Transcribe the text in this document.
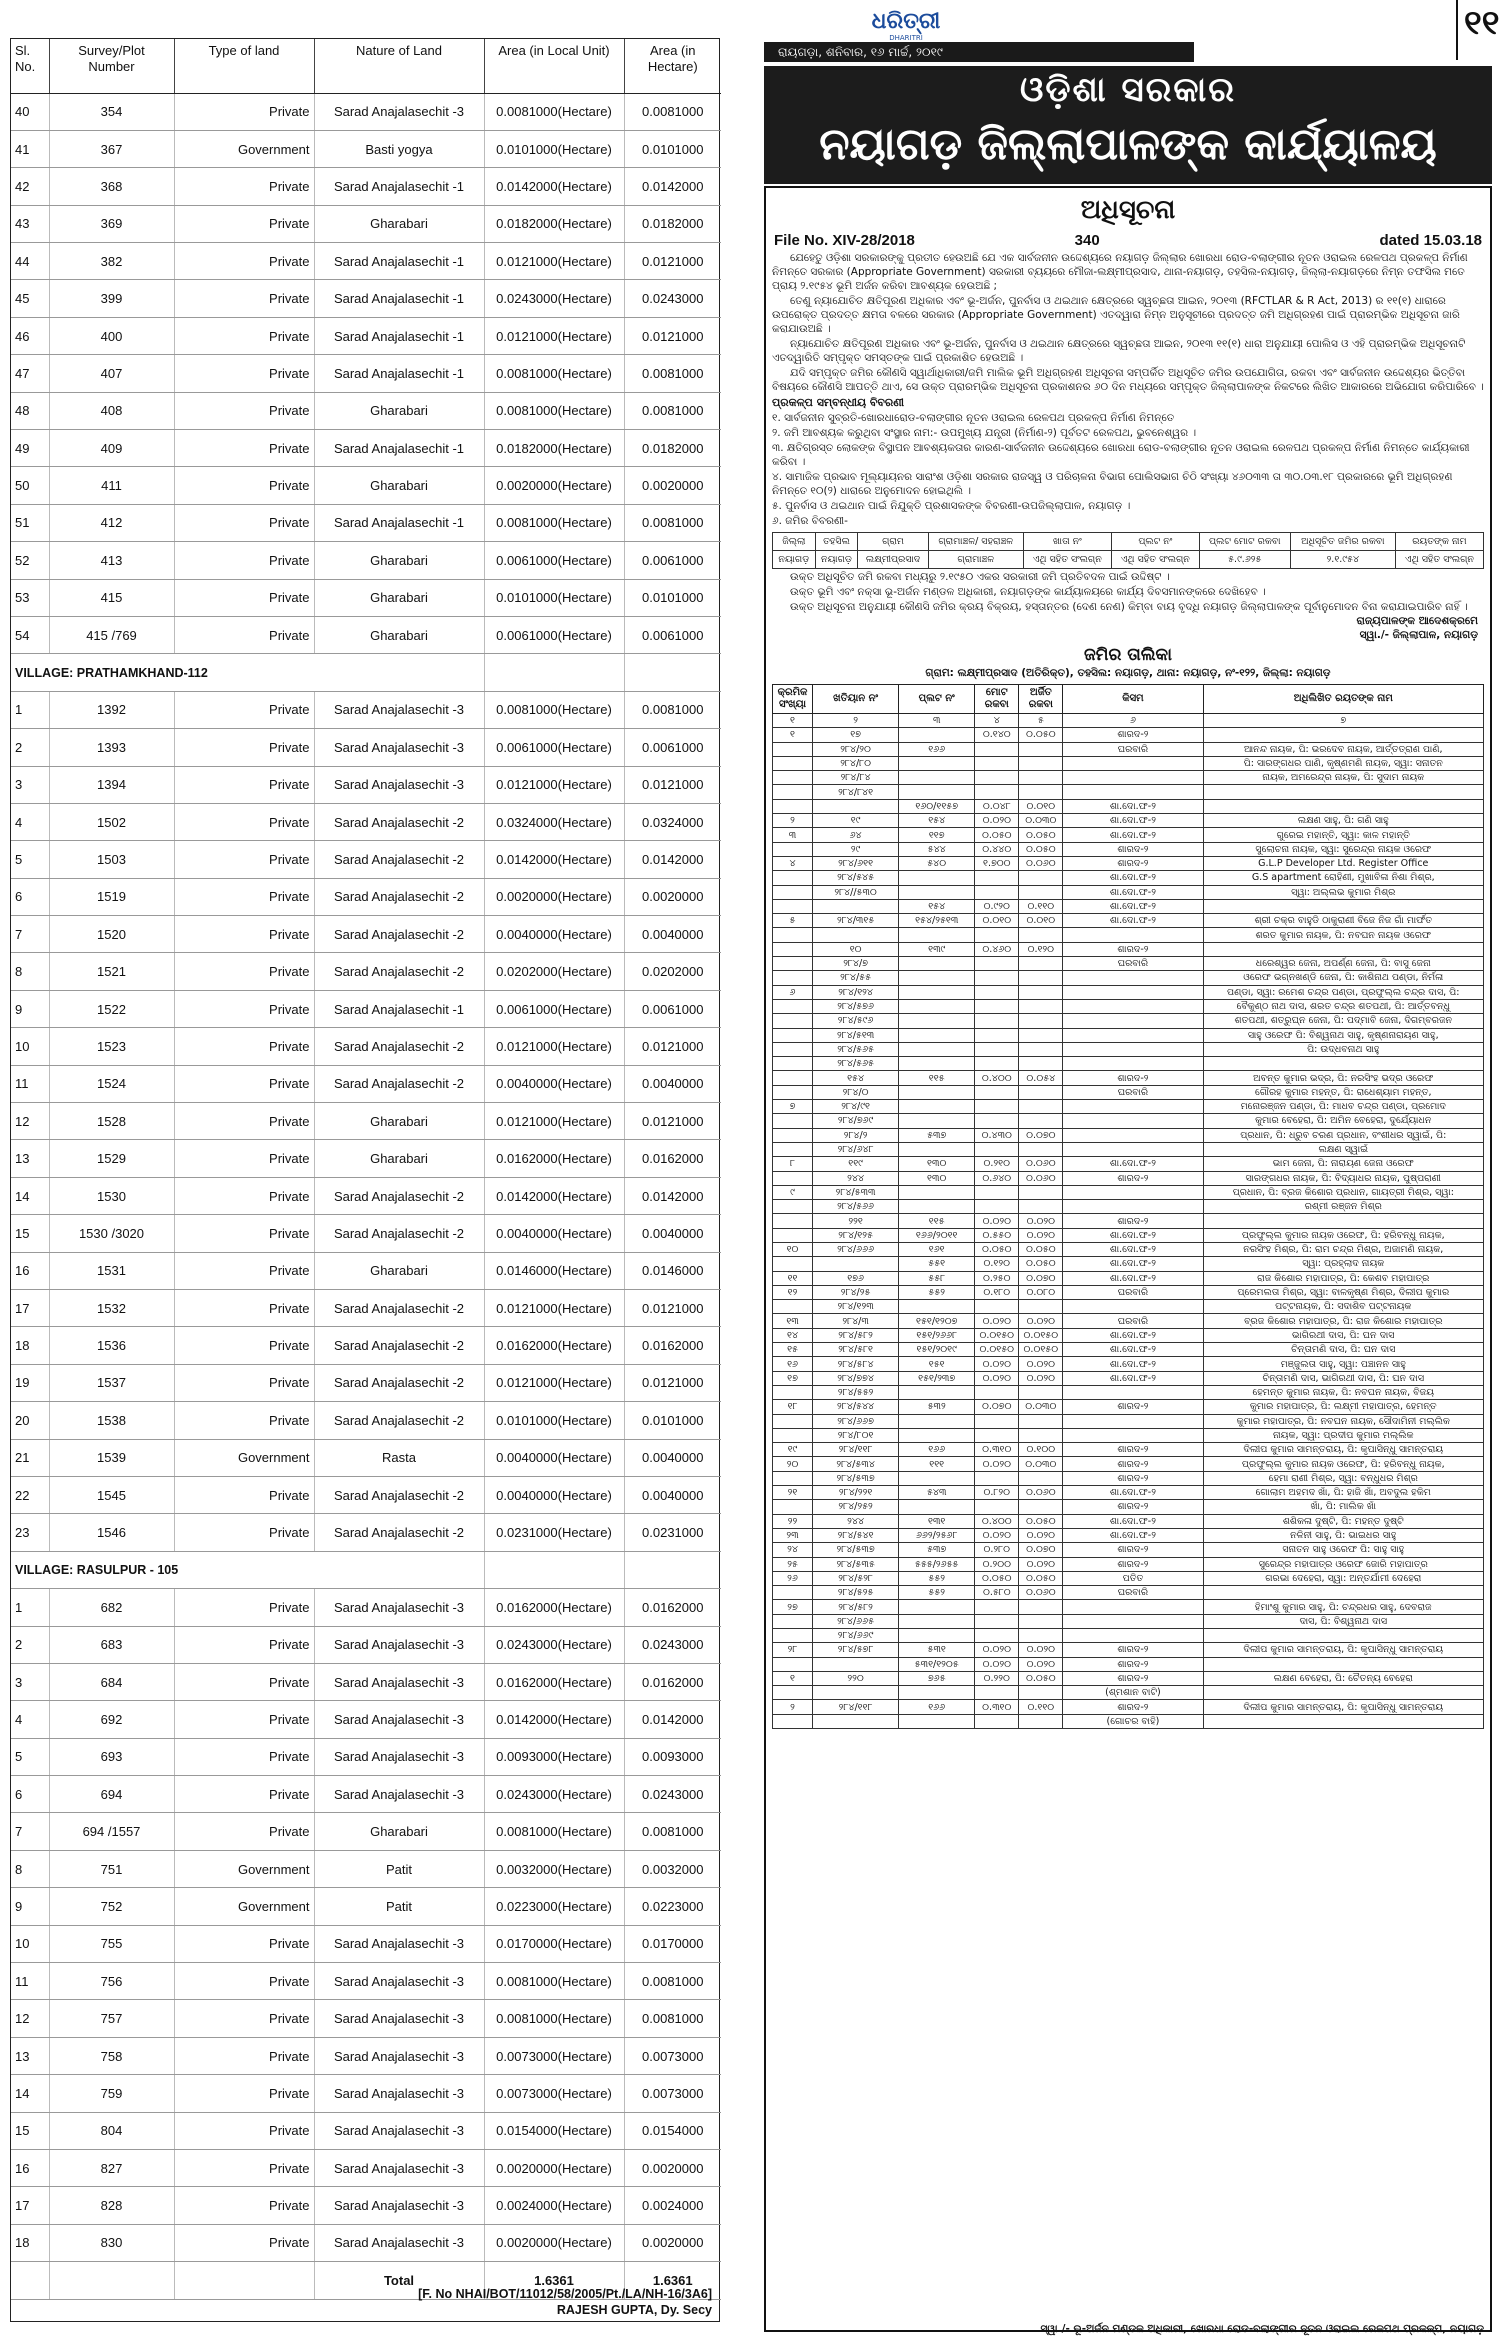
Sl. No.	Survey/Plot Number	Type of land	Nature of Land	Area (in Local Unit)	Area (in Hectare)
40	354	Private	Sarad Anajalasechit -3	0.0081000(Hectare)	0.0081000
41	367	Government	Basti yogya	0.0101000(Hectare)	0.0101000
42	368	Private	Sarad Anajalasechit -1	0.0142000(Hectare)	0.0142000
43	369	Private	Gharabari	0.0182000(Hectare)	0.0182000
44	382	Private	Sarad Anajalasechit -1	0.0121000(Hectare)	0.0121000
45	399	Private	Sarad Anajalasechit -1	0.0243000(Hectare)	0.0243000
46	400	Private	Sarad Anajalasechit -1	0.0121000(Hectare)	0.0121000
47	407	Private	Sarad Anajalasechit -1	0.0081000(Hectare)	0.0081000
48	408	Private	Gharabari	0.0081000(Hectare)	0.0081000
49	409	Private	Sarad Anajalasechit -1	0.0182000(Hectare)	0.0182000
50	411	Private	Gharabari	0.0020000(Hectare)	0.0020000
51	412	Private	Sarad Anajalasechit -1	0.0081000(Hectare)	0.0081000
52	413	Private	Gharabari	0.0061000(Hectare)	0.0061000
53	415	Private	Gharabari	0.0101000(Hectare)	0.0101000
54	415 /769	Private	Gharabari	0.0061000(Hectare)	0.0061000
VILLAGE: PRATHAMKHAND-112					
1	1392	Private	Sarad Anajalasechit -3	0.0081000(Hectare)	0.0081000
2	1393	Private	Sarad Anajalasechit -3	0.0061000(Hectare)	0.0061000
3	1394	Private	Sarad Anajalasechit -3	0.0121000(Hectare)	0.0121000
4	1502	Private	Sarad Anajalasechit -2	0.0324000(Hectare)	0.0324000
5	1503	Private	Sarad Anajalasechit -2	0.0142000(Hectare)	0.0142000
6	1519	Private	Sarad Anajalasechit -2	0.0020000(Hectare)	0.0020000
7	1520	Private	Sarad Anajalasechit -2	0.0040000(Hectare)	0.0040000
8	1521	Private	Sarad Anajalasechit -2	0.0202000(Hectare)	0.0202000
9	1522	Private	Sarad Anajalasechit -1	0.0061000(Hectare)	0.0061000
10	1523	Private	Sarad Anajalasechit -2	0.0121000(Hectare)	0.0121000
11	1524	Private	Sarad Anajalasechit -2	0.0040000(Hectare)	0.0040000
12	1528	Private	Gharabari	0.0121000(Hectare)	0.0121000
13	1529	Private	Gharabari	0.0162000(Hectare)	0.0162000
14	1530	Private	Sarad Anajalasechit -2	0.0142000(Hectare)	0.0142000
15	1530 /3020	Private	Sarad Anajalasechit -2	0.0040000(Hectare)	0.0040000
16	1531	Private	Gharabari	0.0146000(Hectare)	0.0146000
17	1532	Private	Sarad Anajalasechit -2	0.0121000(Hectare)	0.0121000
18	1536	Private	Sarad Anajalasechit -2	0.0162000(Hectare)	0.0162000
19	1537	Private	Sarad Anajalasechit -2	0.0121000(Hectare)	0.0121000
20	1538	Private	Sarad Anajalasechit -2	0.0101000(Hectare)	0.0101000
21	1539	Government	Rasta	0.0040000(Hectare)	0.0040000
22	1545	Private	Sarad Anajalasechit -2	0.0040000(Hectare)	0.0040000
23	1546	Private	Sarad Anajalasechit -2	0.0231000(Hectare)	0.0231000
VILLAGE: RASULPUR - 105					
1	682	Private	Sarad Anajalasechit -3	0.0162000(Hectare)	0.0162000
2	683	Private	Sarad Anajalasechit -3	0.0243000(Hectare)	0.0243000
3	684	Private	Sarad Anajalasechit -3	0.0162000(Hectare)	0.0162000
4	692	Private	Sarad Anajalasechit -3	0.0142000(Hectare)	0.0142000
5	693	Private	Sarad Anajalasechit -3	0.0093000(Hectare)	0.0093000
6	694	Private	Sarad Anajalasechit -3	0.0243000(Hectare)	0.0243000
7	694 /1557	Private	Gharabari	0.0081000(Hectare)	0.0081000
8	751	Government	Patit	0.0032000(Hectare)	0.0032000
9	752	Government	Patit	0.0223000(Hectare)	0.0223000
10	755	Private	Sarad Anajalasechit -3	0.0170000(Hectare)	0.0170000
11	756	Private	Sarad Anajalasechit -3	0.0081000(Hectare)	0.0081000
12	757	Private	Sarad Anajalasechit -3	0.0081000(Hectare)	0.0081000
13	758	Private	Sarad Anajalasechit -3	0.0073000(Hectare)	0.0073000
14	759	Private	Sarad Anajalasechit -3	0.0073000(Hectare)	0.0073000
15	804	Private	Sarad Anajalasechit -3	0.0154000(Hectare)	0.0154000
16	827	Private	Sarad Anajalasechit -3	0.0020000(Hectare)	0.0020000
17	828	Private	Sarad Anajalasechit -3	0.0024000(Hectare)	0.0024000
18	830	Private	Sarad Anajalasechit -3	0.0020000(Hectare)	0.0020000
			Total	1.6361	1.6361
[F. No NHAI/BOT/11012/58/2005/Pt./LA/NH-16/3A6]
RAJESH GUPTA, Dy. Secy
ଧରିତ୍ରୀ
DHARITRI
ରାୟଗଡ଼ା, ଶନିବାର, ୧୬ ମାର୍ଚ୍ଚ, ୨୦୧୯
୧୧
ଓଡ଼ିଶା ସରକାର
ନୟାଗଡ଼ ଜିଲ୍ଲାପାଳଙ୍କ କାର୍ଯ୍ୟାଳୟ
ଅଧିସୂଚନା
File No. XIV-28/2018	340	dated 15.03.18

ଯେହେତୁ ଓଡ଼ିଶା ସରକାରଙ୍କୁ ପ୍ରତୀତ ହେଉଅଛି ଯେ ଏକ ସାର୍ବଜନୀନ ଉଦ୍ଦେଶ୍ୟରେ ନୟାଗଡ଼ ଜିଲ୍ଲାର ଖୋରଧା ରୋଡ-ବଲାଙ୍ଗୀର ନୂତନ ଓରାଇଲ ରେଳପଥ ପ୍ରକଳ୍ପ ନିର୍ମାଣ ନିମନ୍ତେ ସରକାର (Appropriate Government) ସରକାରୀ ବ୍ୟୟରେ ମୌଜା-ଲକ୍ଷ୍ମୀପ୍ରସାଦ, ଥାନା-ନୟାଗଡ଼, ତହସିଲ-ନୟାଗଡ଼, ଜିଲ୍ଲା-ନୟାଗଡ଼ରେ ନିମ୍ନ ତଫସିଲ ମତେ ପ୍ରାୟ ୨.୧୯୫୪ ଭୂମି ଅର୍ଜନ କରିବା ଆବଶ୍ୟକ ହେଉଅଛି ;

ତେଣୁ ନ୍ୟାଯୋଚିତ କ୍ଷତିପୂରଣ ଅଧିକାର ଏବଂ ଭୂ-ଅର୍ଜନ, ପୁନର୍ବାସ ଓ ଥଇଥାନ କ୍ଷେତ୍ରରେ ସ୍ୱଚ୍ଛତା ଆଇନ, ୨୦୧୩ (RFCTLAR & R Act, 2013) ର ୧୧(୧) ଧାରାରେ ଉପରୋକ୍ତ ପ୍ରଦତ୍ତ କ୍ଷମତା ବଳରେ ସରକାର (Appropriate Government) ଏତଦ୍ୱାରା ନିମ୍ନ ଅନୁସୂଚୀରେ ପ୍ରଦତ୍ତ ଜମି ଅଧିଗ୍ରହଣ ପାଇଁ ପ୍ରାରମ୍ଭିକ ଅଧିସୂଚନା ଜାରି କରାଯାଉଅଛି ।

ନ୍ୟାଯୋଚିତ କ୍ଷତିପୂରଣ ଅଧିକାର ଏବଂ ଭୂ-ଅର୍ଜନ, ପୁନର୍ବାସ ଓ ଥଇଥାନ କ୍ଷେତ୍ରରେ ସ୍ୱଚ୍ଛତା ଆଇନ, ୨୦୧୩ ୧୧(୧) ଧାରା ଅନୁଯାୟୀ ପୋଲିସ ଓ ଏହି ପ୍ରାରମ୍ଭିକ ଅଧିସୂଚନାଟି ଏତଦ୍ୱାରିତି ସମ୍ପୃକ୍ତ ସମସ୍ତଙ୍କ ପାଇଁ ପ୍ରକାଶିତ ହେଉଅଛି ।

ଯଦି ସମ୍ପୃକ୍ତ ଜମିର କୌଣସି ସ୍ୱାର୍ଥାଧିକାରୀ/ଜମି ମାଲିକ ଭୂମି ଅଧିଗ୍ରହଣ ଅଧିସୂଚନା ସମ୍ପର୍କିତ ଅଧିସୂଚିତ ଜମିର ଉପଯୋଗିତା, ରକବା ଏବଂ ସାର୍ବଜନୀନ ଉଦ୍ଦେଶ୍ୟର ଭିତ୍ତିବା ବିଷୟରେ କୌଣସି ଆପତ୍ତି ଥାଏ, ସେ ଉକ୍ତ ପ୍ରାରମ୍ଭିକ ଅଧିସୂଚନା ପ୍ରକାଶନର ୬୦ ଦିନ ମଧ୍ୟରେ ସମ୍ପୃକ୍ତ ଜିଲ୍ଲାପାଳଙ୍କ ନିକଟରେ ଲିଖିତ ଆକାରରେ ଅଭିଯୋଗ କରିପାରିବେ ।

ପ୍ରକଳ୍ପ ସମ୍ବନ୍ଧୀୟ ବିବରଣୀ

୧. ସାର୍ବଜନୀନ ସୁବ୍ରତି-ଖୋରଧାରୋଡ-ବଲାଙ୍ଗୀର ନୂତନ ଓରାଇଲ ରେଳପଥ ପ୍ରକଳ୍ପ ନିର୍ମାଣ ନିମନ୍ତେ

୨. ଜମି ଆବଶ୍ୟକ କରୁଥିବା ସଂସ୍ଥାର ନାମ:- ଉପମୁଖ୍ୟ ଯନ୍ତ୍ରୀ (ନିର୍ମାଣ-୨) ପୂର୍ବତଟ ରେଳପଥ, ଭୁବନେଶ୍ୱର ।

୩. କ୍ଷତିଗ୍ରସ୍ତ ଲୋକଙ୍କ ବିସ୍ଥାପନ ଆବଶ୍ୟକତାର କାରଣ-ସାର୍ବଜନୀନ ଉଦ୍ଦେଶ୍ୟରେ ଖୋରଧା ରୋଡ-ବଲାଙ୍ଗୀର ନୂତନ ଓରାଇଲ ରେଳପଥ ପ୍ରକଳ୍ପ ନିର୍ମାଣ ନିମନ୍ତେ କାର୍ଯ୍ୟକାରୀ କରିବା ।

୪. ସାମାଜିକ ପ୍ରଭାବ ମୂଲ୍ୟାୟନର ସାରାଂଶ ଓଡ଼ିଶା ସରକାର ରାଜସ୍ୱ ଓ ପରିଚାଳନା ବିଭାଗ ପୋଲିସଭାଗ ଚିଠି ସଂଖ୍ୟା ୪୬୦୩୩ ତା ୩୦.୦୩.୧୮ ପ୍ରକାରରେ ଭୂମି ଅଧିଗ୍ରହଣ ନିମନ୍ତେ ୧୦(୨) ଧାରାରେ ଅନୁମୋଦନ ହୋଇଥିଲି ।

୫. ପୁନର୍ବାସ ଓ ଥଇଥାନ ପାଇଁ ନିଯୁକ୍ତି ପ୍ରଶାସକଙ୍କ ବିବରଣୀ-ଉପଜିଲ୍ଲାପାଳ, ନୟାଗଡ଼ ।

୬. ଜମିର ବିବରଣୀ-

ଜିଲ୍ଲା	ତହସିଲ	ଗ୍ରାମ	ଗ୍ରାମାଞ୍ଚଳ/ ସହରାଞ୍ଚଳ	ଖାତା ନଂ	ପ୍ଲଟ ନଂ	ପ୍ଲଟ ମୋଟ ରକବା	ଅଧିସୂଚିତ ଜମିର ରକବା	ରୟତଙ୍କ ନାମ
ନୟାଗଡ଼	ନୟାଗଡ଼	ଲକ୍ଷ୍ମୀପ୍ରସାଦ	ଗ୍ରାମାଞ୍ଚଳ	ଏଥି ସହିତ ସଂଲଗ୍ନ	ଏଥି ସହିତ ସଂଲଗ୍ନ	୫.୯.୬୨୫	୨.୧.୯୫୪	ଏଥି ସହିତ ସଂଲଗ୍ନ

ଉକ୍ତ ଅଧିସୂଚିତ ଜମି ରକବା ମଧ୍ୟରୁ ୨.୧୯୫୦ ଏକର ସରକାରୀ ଜମି ପ୍ରତିବଦଳ ପାଇଁ ଉଦ୍ଦିଷ୍ଟ ।

ଉକ୍ତ ଭୂମି ଏବଂ ନକ୍ସା ଭୂ-ଅର୍ଜନ ମଣ୍ଡଳ ଅଧିକାରୀ, ନୟାଗଡ଼ଙ୍କ କାର୍ଯ୍ୟାଳୟରେ କାର୍ଯ୍ୟ ଦିବସମାନଙ୍କରେ ଦେଖିହେବ ।

ଉକ୍ତ ଅଧିସୂଚନା ଅନୁଯାୟୀ କୌଣସି ଜମିର କ୍ରୟ ବିକ୍ରୟ, ହସ୍ତାନ୍ତର (ଦେଣ ନେଣ) କିମ୍ବା ବାୟ ବୃଦ୍ଧି ନୟାଗଡ଼ ଜିଲ୍ଲାପାଳଙ୍କ ପୂର୍ବାନୁମୋଦନ ବିନା କରାଯାଇପାରିବ ନାହିଁ ।

ରାଜ୍ୟପାଳଙ୍କ ଆଦେଶକ୍ରମେ
ସ୍ୱା./- ଜିଲ୍ଲାପାଳ, ନୟାଗଡ଼
ଜମିର ତାଲିକା
ଗ୍ରାମ: ଲକ୍ଷ୍ମୀପ୍ରସାଦ (ଅତିରିକ୍ତ), ତହସିଲ: ନୟାଗଡ଼, ଥାନା: ନୟାଗଡ଼, ନଂ-୧୨୨, ଜିଲ୍ଲା: ନୟାଗଡ଼
କ୍ରମିକ ସଂଖ୍ୟା	ଖତିୟାନ ନଂ	ପ୍ଲଟ ନଂ	ମୋଟ ରକବା	ଅର୍ଜିତ ରକବା	କିସମ	ଅଧିଲିଖିତ ରୟତଙ୍କ ନାମ
୧	୨	୩	୪	୫	୬	୭
୧	୧୭		୦.୧୪୦	୦.୦୫୦	ଶାରଦ-୨	
	୨୮୪/୨୦	୧୬୬			ଘରବାରି	ଆନନ୍ଦ ନାୟକ, ପି: ଭରଦେବ ନାୟକ, ଆର୍ତ୍ତତ୍ରାଣ ପାଣି,
	୨୮୪/୮୦					ପି: ସାରଙ୍ଗଧର ପାଣି, କୃଷ୍ଣମଣି ନାୟକ, ସ୍ୱା: ସନାତନ
	୨୮୪/୮୪					ନାୟକ, ଅମରେନ୍ଦ୍ର ନାୟକ, ପି: ସୁଦାମ ନାୟକ
	୨୮୪/୮୪୧					
		୧୬୦/୧୧୫୭	୦.୦୪୮	୦.୦୧୦	ଶା.ଦୋ.ଫ-୨	
୨	୧୯	୧୫୪	୦.୦୨୦	୦.୦୩୦	ଶା.ଦୋ.ଫ-୨	ଲକ୍ଷଣ ସାହୁ, ପି: ଗଣି ସାହୁ
୩	୬୪	୧୧୭	୦.୦୫୦	୦.୦୫୦	ଶା.ଦୋ.ଫ-୨	ଗୁରେଇ ମହାନ୍ତି, ସ୍ୱା: କାଳ ମହାନ୍ତି
	୨୯	୫୪୪	୦.୪୪୦	୦.୦୫୦	ଶାରଦ-୨	ସୁଲୋଚନା ନାୟକ, ସ୍ୱା: ସୁରେନ୍ଦ୍ର ନାୟକ ଓରେଫ
୪	୨୮୪/୬୧୧	୫୪୦	୧.୭୦୦	୦.୦୬୦	ଶାରଦ-୨	G.L.P Developer Ltd. Register Office
	୨୮୪/୫୪୫				ଶା.ଦୋ.ଫ-୨	G.S apartment ରୋହିଣୀ, ମୁଖାବିଳା ନିଶା ମିଶ୍ର,
	୨୮୪//୫୩୦				ଶା.ଦୋ.ଫ-୨	ସ୍ୱା: ଅଲ୍ଲଭ କୁମାର ମିଶ୍ର
		୧୫୪	୦.୯୨୦	୦.୧୧୦	ଶା.ଦୋ.ଫ-୨	
୫	୨୮୪/୩୧୫	୧୫୪/୨୫୧୩	୦.୦୧୦	୦.୦୧୦	ଶା.ଦୋ.ଫ-୨	ଶ୍ରୀ ଚକ୍ର ବାହୁଡି ଠାକୁରାଣୀ ବିଜେ ନିଜ ଗାଁ ମାର୍ଫତ
						ଶରତ କୁମାର ନାୟକ, ପି: ନବଘନ ନାୟକ ଓରେଫ
	୧୦	୧୩୯	୦.୪୬୦	୦.୧୨୦	ଶାରଦ-୨	
	୨୮୪/୭				ଘରବାରି	ଧରେଶ୍ୱର ଜେନା, ଅପର୍ଣ୍ଣ ଜେନା, ପି: ବାସୁ ଜେନା
	୨୮୪/୫୫					ଓରେଫ ଭଗ୍ନଖଣ୍ଡି ଜେନା, ପି: କାଶିନାଥ ପଣ୍ଡା, ନିର୍ମଳା
୬	୨୮୪/୧୨୪					ପଣ୍ଡା, ସ୍ୱା: ରମେଶ ଚନ୍ଦ୍ର ପଣ୍ଡା, ପ୍ରଫୁଲ୍ଲ ଚନ୍ଦ୍ର ଦାସ, ପି:
	୨୮୪/୫୭୬					ବୈକୁଣ୍ଠ ନାଥ ଦାସ, ଶରତ ଚନ୍ଦ୍ର ଶତପଥୀ, ପି: ଆର୍ତ୍ତବନ୍ଧୁ
	୨୮୪/୫୯୬					ଶତପଥୀ, ଶତ୍ରୁଘ୍ନ ଜେନା, ପି: ପଦ୍ମାବି ଜେନା, ଦିଗମ୍ବରଜନ
	୨୮୪/୫୧୩					ସାହୁ ଓରେଫ ପି: ବିଶ୍ୱନାଥ ସାହୁ, କୃଷ୍ଣନାରାୟଣ ସାହୁ,
	୨୮୪/୫୬୫					ପି: ଉଦ୍ଧବନାଥ ସାହୁ
	୨୮୪/୫୬୫					
	୧୫୪	୧୧୫	୦.୪୦୦	୦.୦୫୪	ଶାରଦ-୨	ଅବନ୍ତ କୁମାର ଭଦ୍ର, ପି: ନରସିଂହ ଭଦ୍ର ଓରେଫ
	୨୮୪/୦				ଘରବାରି	ଗୌରହ କୁମାର ମହନ୍ତ, ପି: ରାଧେଶ୍ୟାମ ମହନ୍ତ,
୭	୨୮୪/୯୧					ମନୋରଞ୍ଜନ ପଣ୍ଡା, ପି: ମାଧବ ଚନ୍ଦ୍ର ପଣ୍ଡା, ପ୍ରମୋଦ
	୨୮୪/୭୬୯					କୁମାର ବେହେରା, ପି: ଅମିନ ବେହେରା, ଦୁର୍ଯ୍ୟୋଧନ
	୨୮୪/୨	୫୩୭	୦.୪୩୦	୦.୦୭୦		ପ୍ରଧାନ, ପି: ଧ୍ରୁବ ଚରଣ ପ୍ରଧାନ, ବଂଶୀଧର ସ୍ୱାଇଁ, ପି:
	୨୮୪/୬୪୮					ଲକ୍ଷଣ ସ୍ୱାଇଁ
୮	୧୧୯	୧୩୦	୦.୨୧୦	୦.୦୬୦	ଶା.ଦୋ.ଫ-୨	ଭାମ ଜେନା, ପି: ନାରାୟଣ ଜେନା ଓରେଫ
	୨୪୪	୧୩୦	୦.୬୪୦	୦.୦୬୦	ଶାରଦ-୨	ସାରଙ୍ଗଧର ନାୟକ, ପି: ବିଦ୍ୟାଧର ନାୟକ, ପୁଷ୍ପରାଣୀ
୯	୨୮୪/୫୩୩					ପ୍ରଧାନ, ପି: ବ୍ରଜ କିଶୋର ପ୍ରଧାନ, ଗାୟତ୍ରୀ ମିଶ୍ର, ସ୍ୱା:
	୨୮୪/୫୬୬					ରଶ୍ମୀ ରଞ୍ଜନ ମିଶ୍ର
	୨୨୧	୧୧୫	୦.୦୨୦	୦.୦୨୦	ଶାରଦ-୨	
	୨୮୪/୧୨୫	୧୬୬/୨୦୧୧	୦.୫୫୦	୦.୦୨୦	ଶା.ଦୋ.ଫ-୨	ପ୍ରଫୁଲ୍ଲ କୁମାର ନାୟକ ଓରେଫ, ପି: ହରିବନ୍ଧୁ ନାୟକ,
୧୦	୨୮୪/୬୬୬	୧୬୧	୦.୦୫୦	୦.୦୫୦	ଶା.ଦୋ.ଫ-୨	ନରସିଂହ ମିଶ୍ର, ପି: ରାମ ଚନ୍ଦ୍ର ମିଶ୍ର, ଅଜାମଣି ନାୟକ,
		୫୫୧	୦.୧୨୦	୦.୦୫୦	ଶା.ଦୋ.ଫ-୨	ସ୍ୱା: ପ୍ରହ୍ଲାଦ ନାୟକ
୧୧	୧୭୬	୫୫୮	୦.୨୫୦	୦.୦୭୦	ଶା.ଦୋ.ଫ-୨	ରାଜ କିଶୋର ମହାପାତ୍ର, ପି: କେଶବ ମହାପାତ୍ର
୧୨	୨୮୪/୨୫	୫୫୨	୦.୧୮୦	୦.୦୮୦	ଘରବାରି	ପ୍ରେମଲତା ମିଶ୍ର, ସ୍ୱା: ବାଳକୃଷ୍ଣ ମିଶ୍ର, ଦିଲୀପ କୁମାର
	୨୮୪/୧୨୩					ପଟ୍ଟନାୟକ, ପି: ସଦାଶିବ ପଟ୍ଟନାୟକ
୧୩	୨୮୪/୩	୧୫୧/୧୨୦୭	୦.୦୨୦	୦.୦୨୦	ଘରବାରି	ବ୍ରଜ କିଶୋର ମହାପାତ୍ର, ପି: ରାଜ କିଶୋର ମହାପାତ୍ର
୧୪	୨୮୪/୫୮୨	୧୫୧/୨୬୬୮	୦.୦୧୫୦	୦.୦୧୫୦	ଶା.ଦୋ.ଫ-୨	ଭାଗିରଥୀ ଦାସ, ପି: ଘନ ଦାସ
୧୫	୨୮୪/୫୮୧	୧୫୧/୨୦୧୯	୦.୦୧୫୦	୦.୦୧୫୦	ଶା.ଦୋ.ଫ-୨	ଚିନ୍ତାମଣି ଦାସ, ପି: ଘନ ଦାସ
୧୬	୨୮୪/୫୮୪	୧୫୧	୦.୦୨୦	୦.୦୨୦	ଶା.ଦୋ.ଫ-୨	ମଞ୍ଜୁଲତା ସାହୁ, ସ୍ୱା: ପଞ୍ଚାନନ ସାହୁ
୧୭	୨୮୪/୭୭୪	୧୫୧/୨୩୭	୦.୦୨୦	୦.୦୨୦	ଶା.ଦୋ.ଫ-୨	ଚିନ୍ତାମଣି ଦାସ, ଭାଗିରଥୀ ଦାସ, ପି: ଘନ ଦାସ
	୨୮୪/୫୫୨					ହେମନ୍ତ କୁମାର ନାୟକ, ପି: ନବଘନ ନାୟକ, ବିଜୟ
୧୮	୨୮୪/୫୪୪	୫୩୨	୦.୦୭୦	୦.୦୩୦	ଶାରଦ-୨	କୁମାର ମହାପାତ୍ର, ପି: ଲକ୍ଷ୍ମୀ ମହାପାତ୍ର, ହେମନ୍ତ
	୨୮୪/୬୬୭					କୁମାର ମହାପାତ୍ର, ପି: ନବଘନ ନାୟକ, ସୌଦାମିନୀ ମଲ୍ଲିକ
	୨୮୪/୮୦୧					ନାୟକ, ସ୍ୱା: ପ୍ରଦୀପ କୁମାର ମଲ୍ଲିକ
୧୯	୨୮୪/୧୧୮	୧୬୬	୦.୩୧୦	୦.୧୦୦	ଶାରଦ-୨	ଦିଲୀପ କୁମାର ସାମନ୍ତରାୟ, ପି: କୃପାସିନ୍ଧୁ ସାମନ୍ତରାୟ
୨୦	୨୮୪/୫୩୪	୧୧୧	୦.୦୨୦	୦.୦୩୦	ଶାରଦ-୨	ପ୍ରଫୁଲ୍ଲ କୁମାର ନାୟକ ଓରେଫ, ପି: ହରିବନ୍ଧୁ ନାୟକ,
	୨୮୪/୫୩୭				ଶାରଦ-୨	ହେମା ରାଣୀ ମିଶ୍ର, ସ୍ୱା: ବନ୍ଧୁଧର ମିଶ୍ର
୨୧	୨୮୪/୨୨୧	୫୪୩	୦.୮୨୦	୦.୦୬୦	ଶା.ଦୋ.ଫ-୨	ଗୋଲାମ ଅହମଦ ଖାଁ, ପି: ହାଜି ଖାଁ, ଅବଦୁଲ ହକିମ
	୨୮୪/୨୫୨				ଶାରଦ-୨	ଖାଁ, ପି: ମାଲିକ ଖାଁ
୨୨	୨୪୪	୧୩୧	୦.୪୦୦	୦.୦୫୦	ଶା.ଦୋ.ଫ-୨	ଶଶିକଳା ଦୁଷ୍ଟି, ପି: ମହନ୍ତ ଦୁଷ୍ଟି
୨୩	୨୮୪/୫୪୧	୬୬୨/୨୫୬୮	୦.୦୨୦	୦.୦୨୦	ଶା.ଦୋ.ଫ-୨	ନଳିନୀ ସାହୁ, ପି: ଭାଇଧର ସାହୁ
୨୪	୨୮୪/୫୩୭	୫୩୭	୦.୨୮୦	୦.୦୭୦	ଶାରଦ-୨	ସନାତନ ସାହୁ ଓରେଫ ପି: ସାହୁ ସାହୁ
୨୫	୨୮୪/୫୩୫	୫୫୫/୨୬୫୫	୦.୨୦୦	୦.୦୨୦	ଶାରଦ-୨	ସୁରେନ୍ଦ୍ର ମହାପାତ୍ର ଓରେଫ ଜୋରି ମହାପାତ୍ର
୨୬	୨୮୪/୫୨୮	୫୫୨	୦.୦୫୦	୦.୦୫୦	ପତିତ	ଗରଭା ଦେହେରା, ସ୍ୱା: ଅନ୍ତର୍ଯାମୀ ଦେହେରା
	୨୮୪/୫୨୫	୫୫୨	୦.୫୮୦	୦.୦୬୦	ଘରବାରି	
୨୭	୨୮୪/୫୮୨					ହିମାଂଶୁ କୁମାର ସାହୁ, ପି: ଚନ୍ଦ୍ରଧର ସାହୁ, ଦେବରାଜ
	୨୮୪/୬୬୫					ଦାସ, ପି: ବିଶ୍ୱନାଥ ଦାସ
	୨୮୪/୬୬୯					
୨୮	୨୮୪/୫୭୮	୫୩୧	୦.୦୨୦	୦.୦୨୦	ଶାରଦ-୨	ଦିଲୀପ କୁମାର ସାମନ୍ତରାୟ, ପି: କୃପାସିନ୍ଧୁ ସାମନ୍ତରାୟ
		୫୩୧/୧୨୦୫	୦.୦୨୦	୦.୦୨୦	ଶାରଦ-୨	
୧	୨୨୦	୭୬୫	୦.୨୨୦	୦.୦୫୦	ଶାରଦ-୨	ଲକ୍ଷଣ ବେହେରା, ପି: ଚୈତନ୍ୟ ବେହେରା
					(ଶ୍ମଶାନ ବାଟି)	
୨	୨୮୪/୧୧୮	୧୬୬	୦.୩୧୦	୦.୧୧୦	ଶାରଦ-୨	ଦିଲୀପ କୁମାର ସାମନ୍ତରାୟ, ପି: କୃପାସିନ୍ଧୁ ସାମନ୍ତରାୟ
					(ଗୋଚର ବାହି)	
ସ୍ୱା./- ଭୂ-ଅର୍ଜନ ମଣ୍ଡଳ ଅଧିକାରୀ, ଖୋରଧା ରୋଡ-ବଲାଙ୍ଗୀର ନୂତନ ଓରାଇଲ ରେଳପଥ ପ୍ରକଳ୍ପ, ନୟାଗଡ଼
